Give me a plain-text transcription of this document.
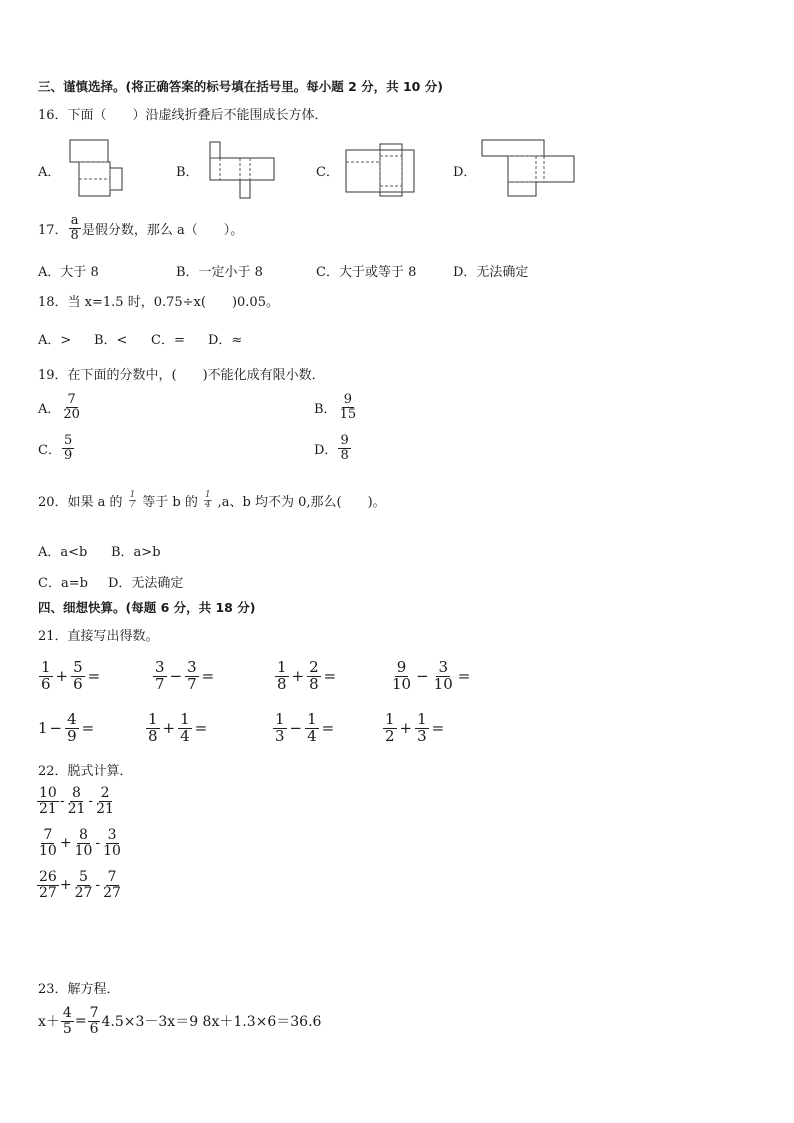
三、谨慎选择。(将正确答案的标号填在括号里。每小题 2 分，共 10 分)
16．下面（　　）沿虚线折叠后不能围成长方体．
A．	B．	C．	D．
17． $\frac{a}{8}$ 是假分数，那么 a（　　）。
A．大于 8	B．一定小于 8	C．大于或等于 8	D．无法确定
18．当 x=1.5 时，0.75÷x(　　)0.05。
A．> B．< C．= D．≈
19．在下面的分数中，(　　)不能化成有限小数．
A． $\frac{7}{20}$	B． $\frac{9}{15}$
C． $\frac{5}{9}$	D． $\frac{9}{8}$
20．如果 a 的 $\frac{1}{7}$ 等于 b 的 $\frac{1}{4} ,a$、b 均不为 0,那么(　　)。
A．a<b B．a>b
C．a=b D．无法确定
四、细想快算。(每题 6 分，共 18 分)
21．直接写出得数。
$\frac{1}{6} + \frac{5}{6}$ =	$\frac{3}{7} - \frac{3}{7}$ =	$\frac{1}{8} + \frac{2}{8}$ =	$\frac{9}{10} - \frac{3}{10}$ =
$1 - \frac{4}{9}$ =	$\frac{1}{8} + \frac{1}{4}$ =	$\frac{1}{3} - \frac{1}{4}$ =	$\frac{1}{2} + \frac{1}{3}$ =
22．脱式计算．
$\frac{10}{21} - \frac{8}{21} - \frac{2}{21}$
$\frac{7}{10} + \frac{8}{10} - \frac{3}{10}$
$\frac{26}{27} + \frac{5}{27} - \frac{7}{27}$
23．解方程．
$x+ \frac{4}{5} = \frac{7}{6} 4.5\times 3-3x=9$ 8x＋1.3×6＝36.6
